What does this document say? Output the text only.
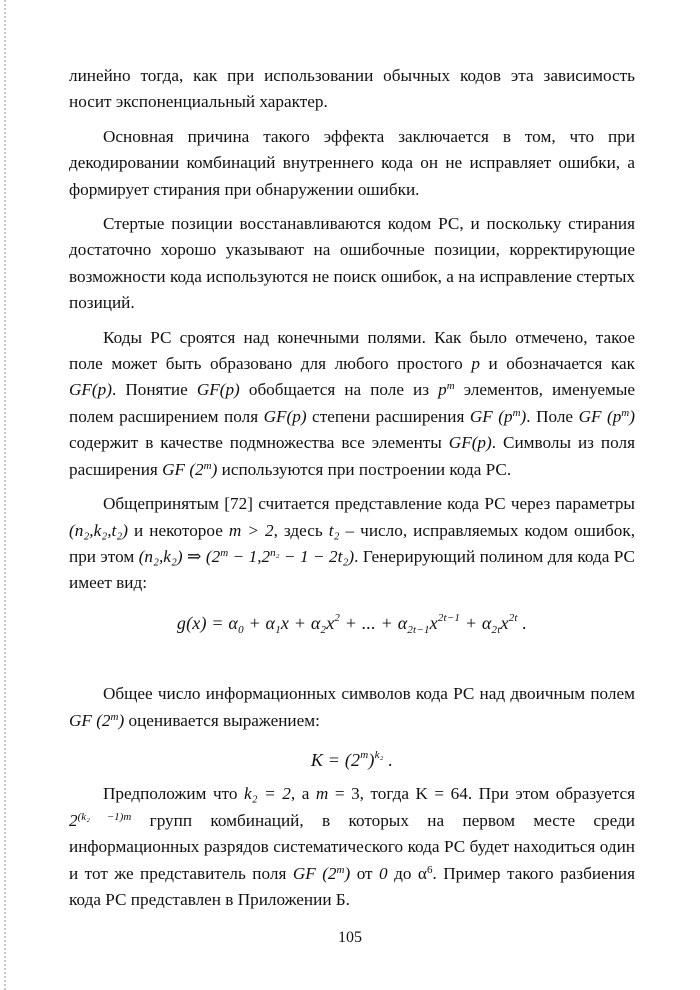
линейно тогда, как при использовании обычных кодов эта зависимость носит экспоненциальный характер.

Основная причина такого эффекта заключается в том, что при декодировании комбинаций внутреннего кода он не исправляет ошибки, а формирует стирания при обнаружении ошибки.

Стертые позиции восстанавливаются кодом РС, и поскольку стирания достаточно хорошо указывают на ошибочные позиции, корректирующие возможности кода используются не поиск ошибок, а на исправление стертых позиций.

Коды РС сроятся над конечными полями. Как было отмечено, такое поле может быть образовано для любого простого p и обозначается как GF(p). Понятие GF(p) обобщается на поле из $p^m$ элементов, именуемые полем расширением поля GF(p) степени расширения GF $(p^m)$. Поле GF $(p^m)$ содержит в качестве подмножества все элементы GF(p). Символы из поля расширения GF (2$^m$) используются при построении кода РС.

Общепринятым [72] считается представление кода РС через параметры (n₂,k₂,t₂) и некоторое m > 2, здесь t₂ – число, исправляемых кодом ошибок, при этом (n₂,k₂) ⇒ $(2^m - 1,2^{n_2} - 1 - 2t_2)$. Генерирующий полином для кода РС имеет вид:

$g(x) = \alpha_0 + \alpha_1x + \alpha_2x^2$ + ... + $\alpha_{2t-1}x^{2t-1} + \alpha_{2t}x^{2t}$ .

Общее число информационных символов кода РС над двоичным полем GF (2$^m$) оценивается выражением:

$K = (2^m)^{k_2}$ .

Предположим что k₂ = 2, а m = 3, тогда K = 64. При этом образуется $2^{(k_2 -1)m}$ групп комбинаций, в которых на первом месте среди информационных разрядов систематического кода РС будет находиться один и тот же представитель поля GF (2$^m$) от 0 до $\alpha^6$. Пример такого разбиения кода РС представлен в Приложении Б.

105
